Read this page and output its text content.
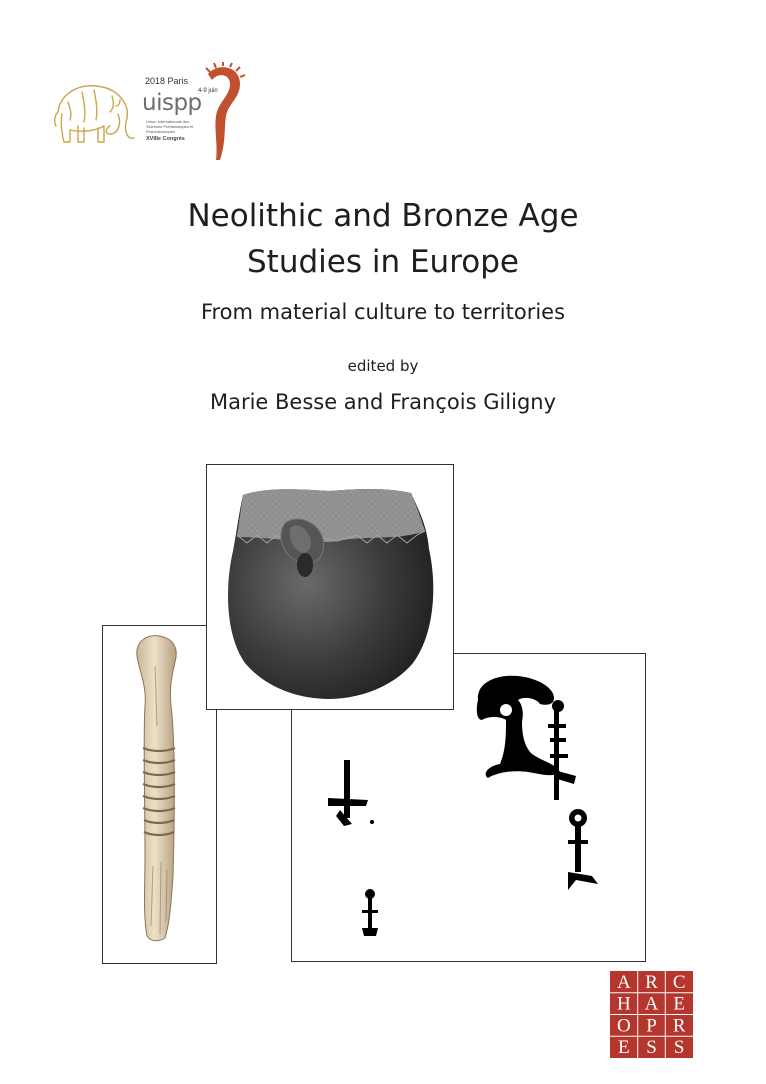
2018 Paris
4-9 juin
uispp
Union Internationale des Sciences Préhistoriques et Protohistoriques
XVIIIe Congrès
Neolithic and Bronze Age
Studies in Europe
From material culture to territories
edited by
Marie Besse and François Giligny
A R C
H A E
O P R
E S S
